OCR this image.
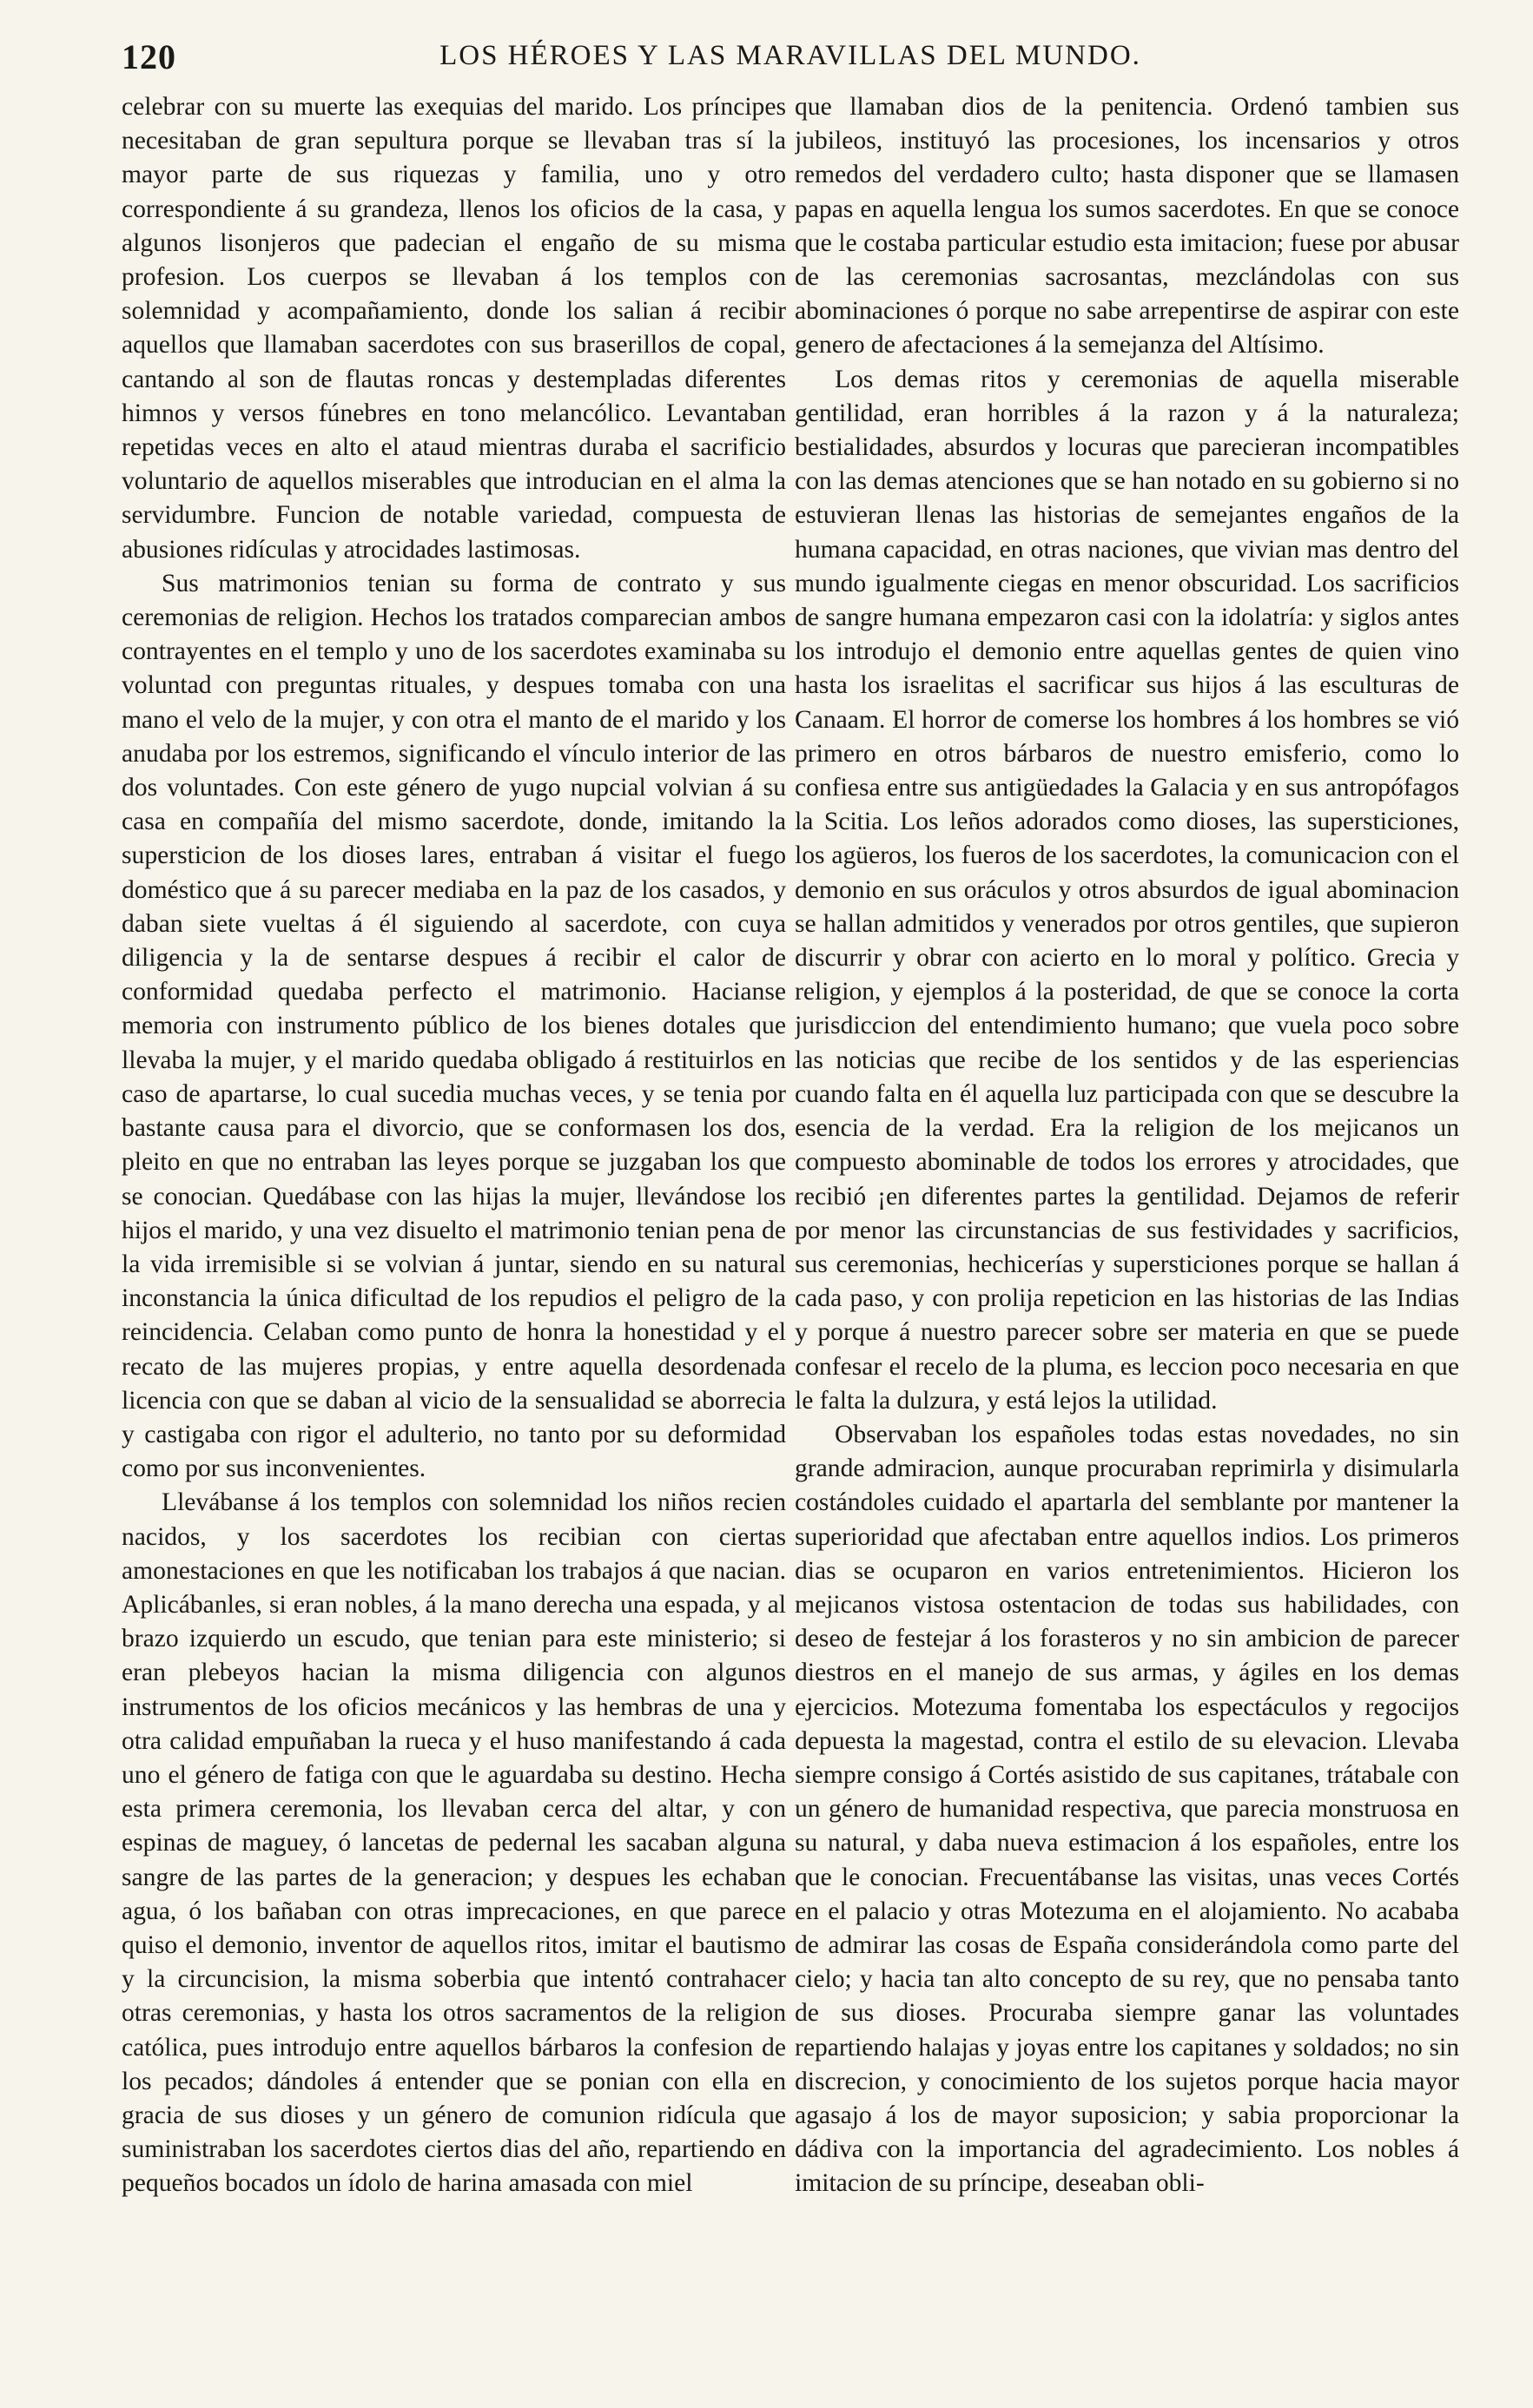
120	LOS HÉROES Y LAS MARAVILLAS DEL MUNDO.

celebrar con su muerte las exequias del marido. Los príncipes necesitaban de gran sepultura porque se llevaban tras sí la mayor parte de sus riquezas y familia, uno y otro correspondiente á su grandeza, llenos los oficios de la casa, y algunos lisonjeros que padecian el engaño de su misma profesion. Los cuerpos se llevaban á los templos con solemnidad y acompañamiento, donde los salian á recibir aquellos que llamaban sacerdotes con sus braserillos de copal, cantando al son de flautas roncas y destempladas diferentes himnos y versos fúnebres en tono melancólico. Levantaban repetidas veces en alto el ataud mientras duraba el sacrificio voluntario de aquellos miserables que introducian en el alma la servidumbre. Funcion de notable variedad, compuesta de abusiones ridículas y atrocidades lastimosas.

Sus matrimonios tenian su forma de contrato y sus ceremonias de religion. Hechos los tratados comparecian ambos contrayentes en el templo y uno de los sacerdotes examinaba su voluntad con preguntas rituales, y despues tomaba con una mano el velo de la mujer, y con otra el manto de el marido y los anudaba por los estremos, significando el vínculo interior de las dos voluntades. Con este género de yugo nupcial volvian á su casa en compañía del mismo sacerdote, donde, imitando la supersticion de los dioses lares, entraban á visitar el fuego doméstico que á su parecer mediaba en la paz de los casados, y daban siete vueltas á él siguiendo al sacerdote, con cuya diligencia y la de sentarse despues á recibir el calor de conformidad quedaba perfecto el matrimonio. Hacianse memoria con instrumento público de los bienes dotales que llevaba la mujer, y el marido quedaba obligado á restituirlos en caso de apartarse, lo cual sucedia muchas veces, y se tenia por bastante causa para el divorcio, que se conformasen los dos, pleito en que no entraban las leyes porque se juzgaban los que se conocian. Quedábase con las hijas la mujer, llevándose los hijos el marido, y una vez disuelto el matrimonio tenian pena de la vida irremisible si se volvian á juntar, siendo en su natural inconstancia la única dificultad de los repudios el peligro de la reincidencia. Celaban como punto de honra la honestidad y el recato de las mujeres propias, y entre aquella desordenada licencia con que se daban al vicio de la sensualidad se aborrecia y castigaba con rigor el adulterio, no tanto por su deformidad como por sus inconvenientes.

Llevábanse á los templos con solemnidad los niños recien nacidos, y los sacerdotes los recibian con ciertas amonestaciones en que les notificaban los trabajos á que nacian. Aplicábanles, si eran nobles, á la mano derecha una espada, y al brazo izquierdo un escudo, que tenian para este ministerio; si eran plebeyos hacian la misma diligencia con algunos instrumentos de los oficios mecánicos y las hembras de una y otra calidad empuñaban la rueca y el huso manifestando á cada uno el género de fatiga con que le aguardaba su destino. Hecha esta primera ceremonia, los llevaban cerca del altar, y con espinas de maguey, ó lancetas de pedernal les sacaban alguna sangre de las partes de la generacion; y despues les echaban agua, ó los bañaban con otras imprecaciones, en que parece quiso el demonio, inventor de aquellos ritos, imitar el bautismo y la circuncision, la misma soberbia que intentó contrahacer otras ceremonias, y hasta los otros sacramentos de la religion católica, pues introdujo entre aquellos bárbaros la confesion de los pecados; dándoles á entender que se ponian con ella en gracia de sus dioses y un género de comunion ridícula que suministraban los sacerdotes ciertos dias del año, repartiendo en pequeños bocados un ídolo de harina amasada con miel

que llamaban dios de la penitencia. Ordenó tambien sus jubileos, instituyó las procesiones, los incensarios y otros remedos del verdadero culto; hasta disponer que se llamasen papas en aquella lengua los sumos sacerdotes. En que se conoce que le costaba particular estudio esta imitacion; fuese por abusar de las ceremonias sacrosantas, mezclándolas con sus abominaciones ó porque no sabe arrepentirse de aspirar con este genero de afectaciones á la semejanza del Altísimo.

Los demas ritos y ceremonias de aquella miserable gentilidad, eran horribles á la razon y á la naturaleza; bestialidades, absurdos y locuras que parecieran incompatibles con las demas atenciones que se han notado en su gobierno si no estuvieran llenas las historias de semejantes engaños de la humana capacidad, en otras naciones, que vivian mas dentro del mundo igualmente ciegas en menor obscuridad. Los sacrificios de sangre humana empezaron casi con la idolatría: y siglos antes los introdujo el demonio entre aquellas gentes de quien vino hasta los israelitas el sacrificar sus hijos á las esculturas de Canaam. El horror de comerse los hombres á los hombres se vió primero en otros bárbaros de nuestro emisferio, como lo confiesa entre sus antigüedades la Galacia y en sus antropófagos la Scitia. Los leños adorados como dioses, las supersticiones, los agüeros, los fueros de los sacerdotes, la comunicacion con el demonio en sus oráculos y otros absurdos de igual abominacion se hallan admitidos y venerados por otros gentiles, que supieron discurrir y obrar con acierto en lo moral y político. Grecia y religion, y ejemplos á la posteridad, de que se conoce la corta jurisdiccion del entendimiento humano; que vuela poco sobre las noticias que recibe de los sentidos y de las esperiencias cuando falta en él aquella luz participada con que se descubre la esencia de la verdad. Era la religion de los mejicanos un compuesto abominable de todos los errores y atrocidades, que recibió ¡en diferentes partes la gentilidad. Dejamos de referir por menor las circunstancias de sus festividades y sacrificios, sus ceremonias, hechicerías y supersticiones porque se hallan á cada paso, y con prolija repeticion en las historias de las Indias y porque á nuestro parecer sobre ser materia en que se puede confesar el recelo de la pluma, es leccion poco necesaria en que le falta la dulzura, y está lejos la utilidad.

Observaban los españoles todas estas novedades, no sin grande admiracion, aunque procuraban reprimirla y disimularla costándoles cuidado el apartarla del semblante por mantener la superioridad que afectaban entre aquellos indios. Los primeros dias se ocuparon en varios entretenimientos. Hicieron los mejicanos vistosa ostentacion de todas sus habilidades, con deseo de festejar á los forasteros y no sin ambicion de parecer diestros en el manejo de sus armas, y ágiles en los demas ejercicios. Motezuma fomentaba los espectáculos y regocijos depuesta la magestad, contra el estilo de su elevacion. Llevaba siempre consigo á Cortés asistido de sus capitanes, trátabale con un género de humanidad respectiva, que parecia monstruosa en su natural, y daba nueva estimacion á los españoles, entre los que le conocian. Frecuentábanse las visitas, unas veces Cortés en el palacio y otras Motezuma en el alojamiento. No acababa de admirar las cosas de España considerándola como parte del cielo; y hacia tan alto concepto de su rey, que no pensaba tanto de sus dioses. Procuraba siempre ganar las voluntades repartiendo halajas y joyas entre los capitanes y soldados; no sin discrecion, y conocimiento de los sujetos porque hacia mayor agasajo á los de mayor suposicion; y sabia proporcionar la dádiva con la importancia del agradecimiento. Los nobles á imitacion de su príncipe, deseaban obli-
